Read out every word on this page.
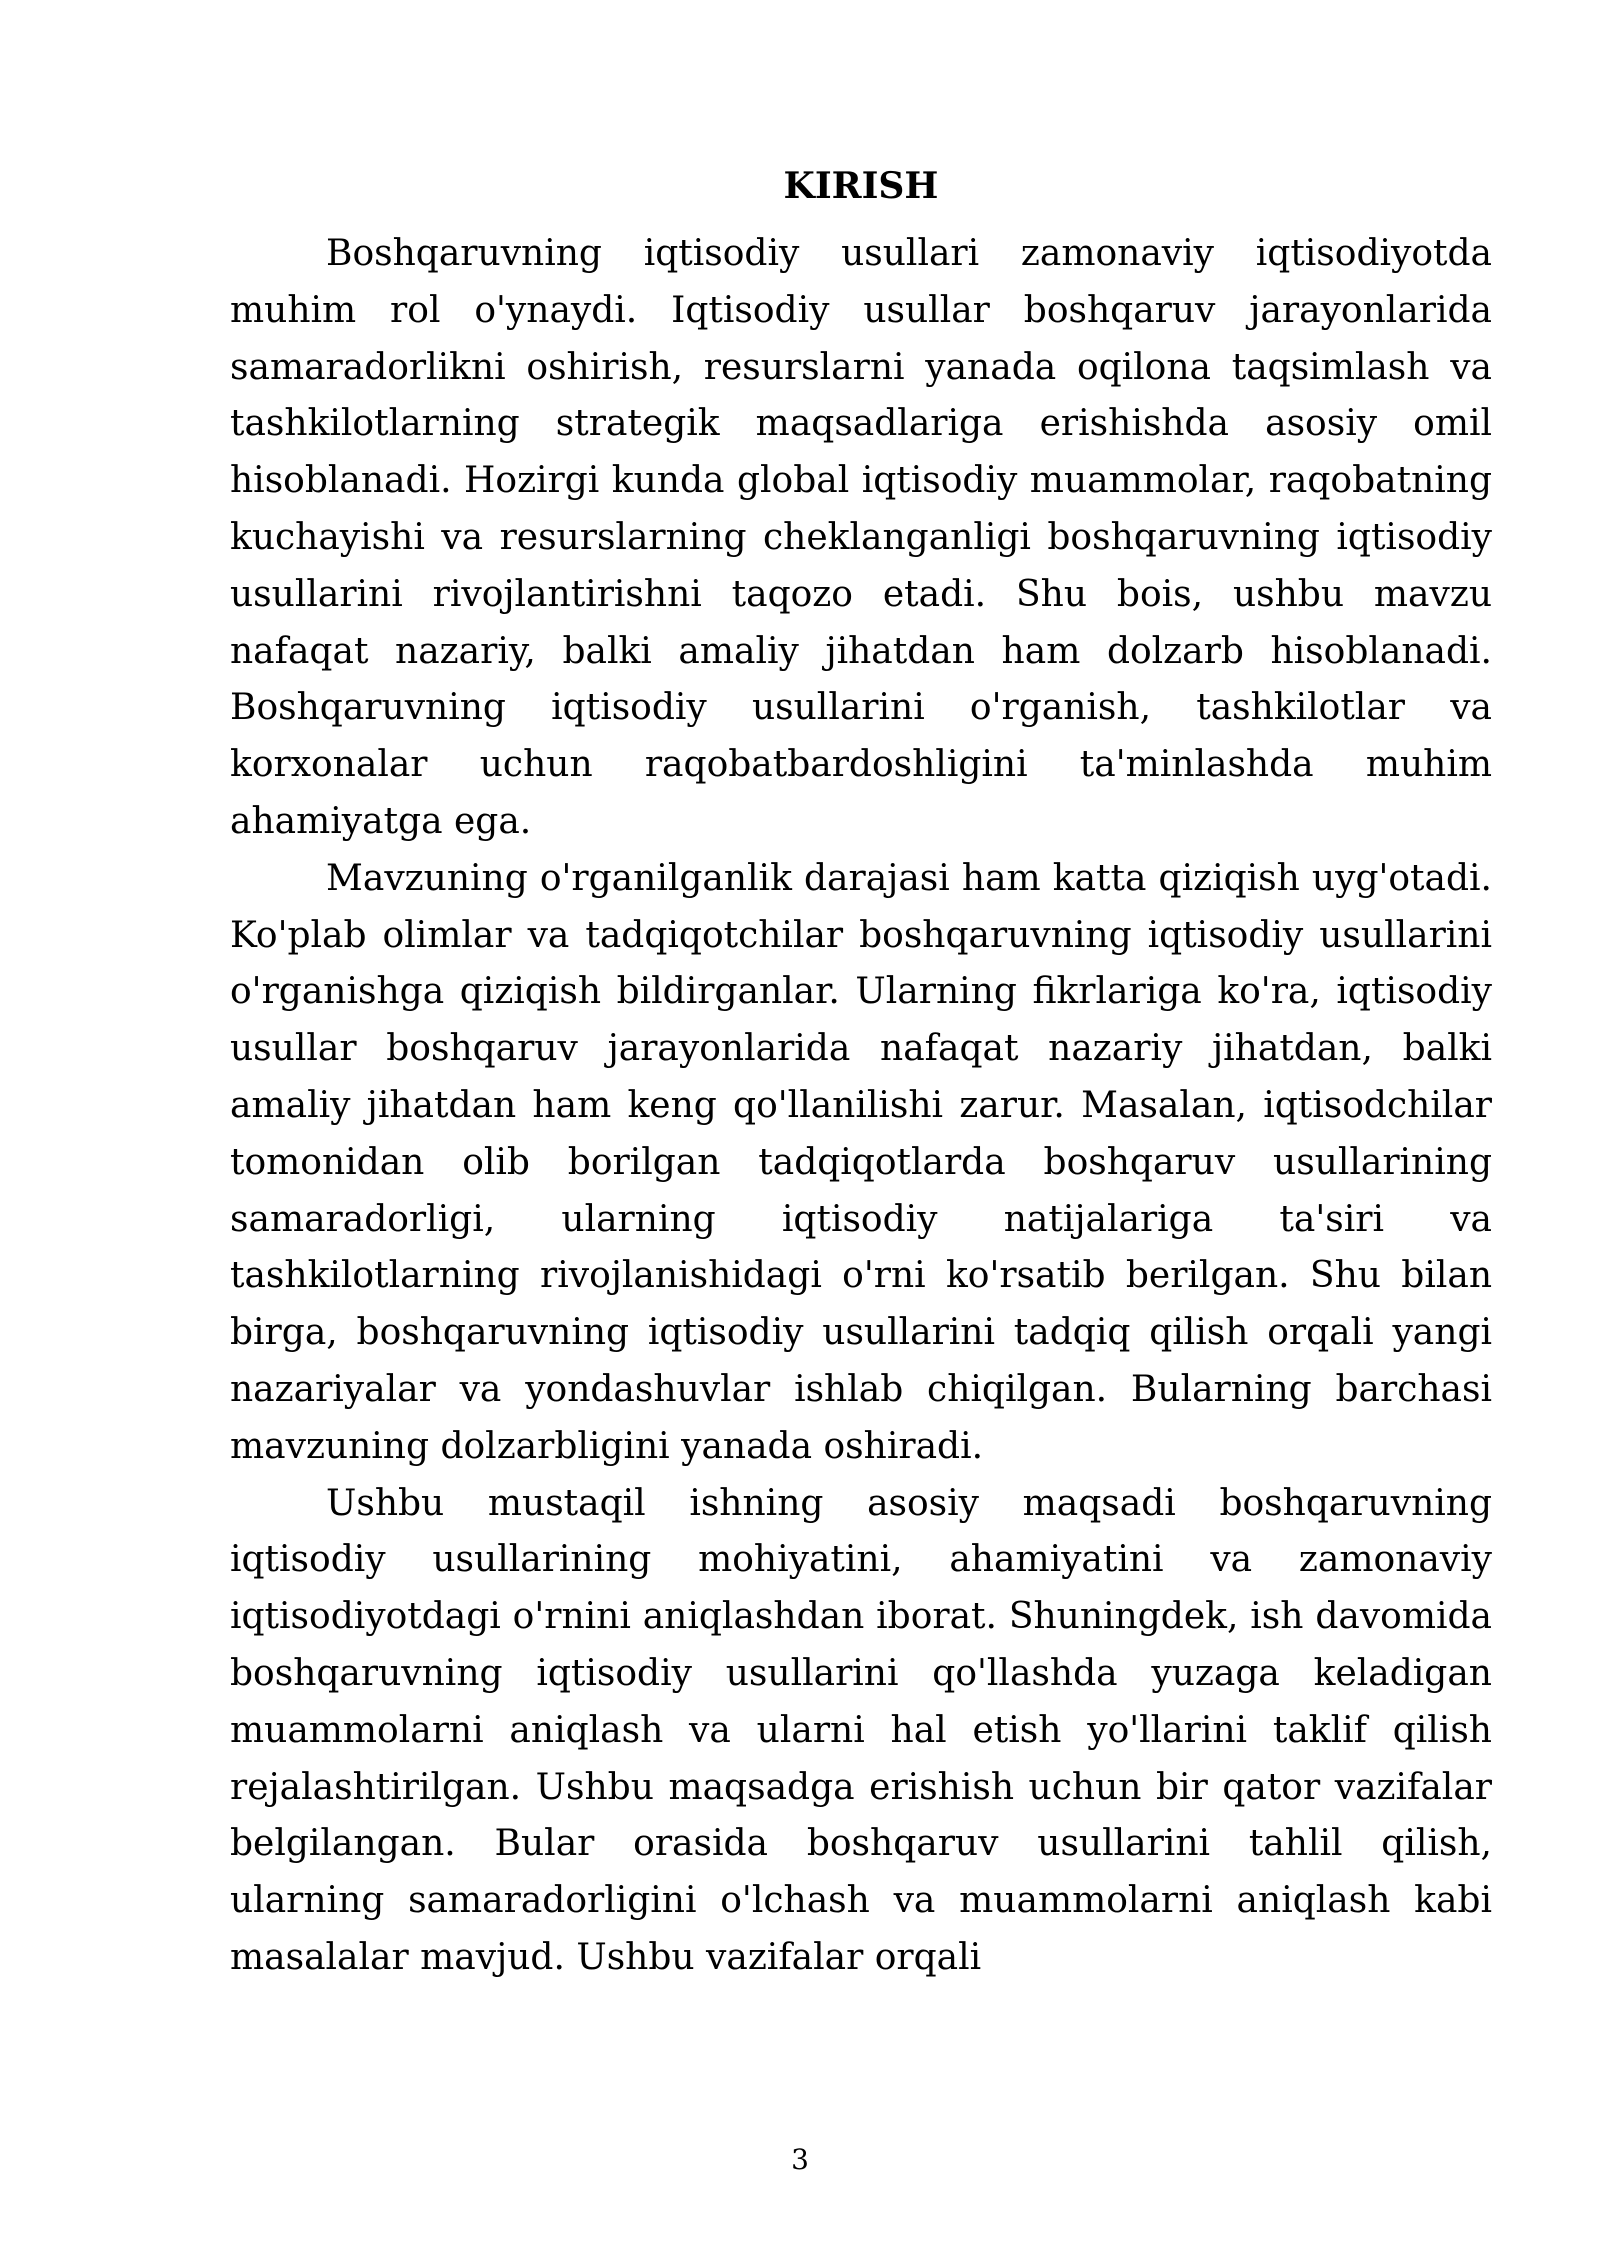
KIRISH

Boshqaruvning iqtisodiy usullari zamonaviy iqtisodiyotda muhim rol o'ynaydi. Iqtisodiy usullar boshqaruv jarayonlarida samaradorlikni oshirish, resurslarni yanada oqilona taqsimlash va tashkilotlarning strategik maqsadlariga erishishda asosiy omil hisoblanadi. Hozirgi kunda global iqtisodiy muammolar, raqobatning kuchayishi va resurslarning cheklanganligi boshqaruvning iqtisodiy usullarini rivojlantirishni taqozo etadi. Shu bois, ushbu mavzu nafaqat nazariy, balki amaliy jihatdan ham dolzarb hisoblanadi. Boshqaruvning iqtisodiy usullarini o'rganish, tashkilotlar va korxonalar uchun raqobatbardoshligini ta'minlashda muhim ahamiyatga ega.

Mavzuning o'rganilganlik darajasi ham katta qiziqish uyg'otadi. Ko'plab olimlar va tadqiqotchilar boshqaruvning iqtisodiy usullarini o'rganishga qiziqish bildirganlar. Ularning fikrlariga ko'ra, iqtisodiy usullar boshqaruv jarayonlarida nafaqat nazariy jihatdan, balki amaliy jihatdan ham keng qo'llanilishi zarur. Masalan, iqtisodchilar tomonidan olib borilgan tadqiqotlarda boshqaruv usullarining samaradorligi, ularning iqtisodiy natijalariga ta'siri va tashkilotlarning rivojlanishidagi o'rni ko'rsatib berilgan. Shu bilan birga, boshqaruvning iqtisodiy usullarini tadqiq qilish orqali yangi nazariyalar va yondashuvlar ishlab chiqilgan. Bularning barchasi mavzuning dolzarbligini yanada oshiradi.

Ushbu mustaqil ishning asosiy maqsadi boshqaruvning iqtisodiy usullarining mohiyatini, ahamiyatini va zamonaviy iqtisodiyotdagi o'rnini aniqlashdan iborat. Shuningdek, ish davomida boshqaruvning iqtisodiy usullarini qo'llashda yuzaga keladigan muammolarni aniqlash va ularni hal etish yo'llarini taklif qilish rejalashtirilgan. Ushbu maqsadga erishish uchun bir qator vazifalar belgilangan. Bular orasida boshqaruv usullarini tahlil qilish, ularning samaradorligini o'lchash va muammolarni aniqlash kabi masalalar mavjud. Ushbu vazifalar orqali

3
